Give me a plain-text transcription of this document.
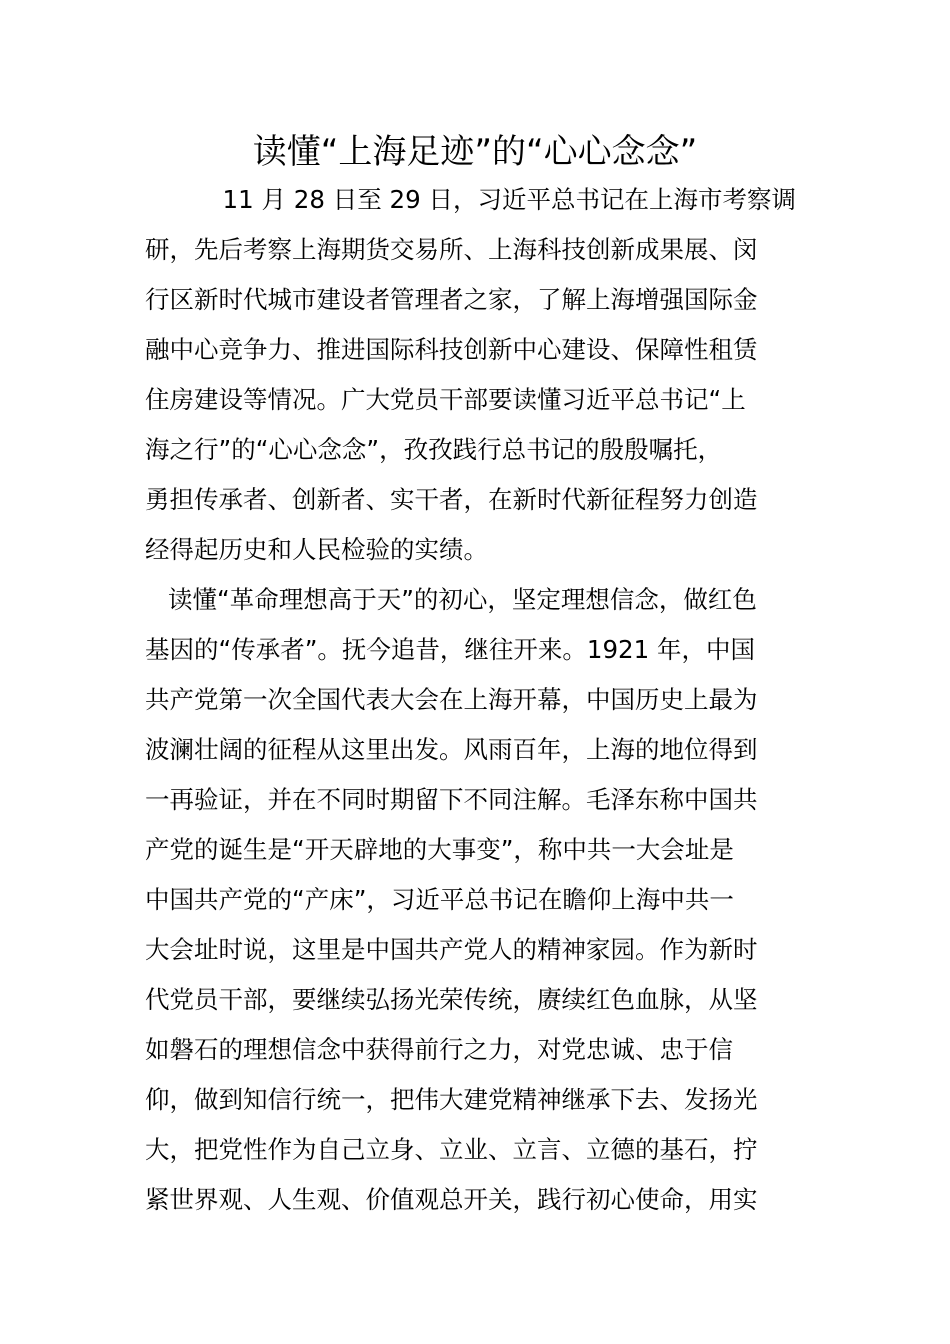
读懂“上海足迹”的“心心念念”
　11 月 28 日至 29 日，习近平总书记在上海市考察调
研，先后考察上海期货交易所、上海科技创新成果展、闵
行区新时代城市建设者管理者之家，了解上海增强国际金
融中心竞争力、推进国际科技创新中心建设、保障性租赁
住房建设等情况。广大党员干部要读懂习近平总书记“上
海之行”的“心心念念”，孜孜践行总书记的殷殷嘱托，
勇担传承者、创新者、实干者，在新时代新征程努力创造
经得起历史和人民检验的实绩。
读懂“革命理想高于天”的初心，坚定理想信念，做红色
基因的“传承者”。抚今追昔，继往开来。1921 年，中国
共产党第一次全国代表大会在上海开幕，中国历史上最为
波澜壮阔的征程从这里出发。风雨百年，上海的地位得到
一再验证，并在不同时期留下不同注解。毛泽东称中国共
产党的诞生是“开天辟地的大事变”，称中共一大会址是
中国共产党的“产床”，习近平总书记在瞻仰上海中共一
大会址时说，这里是中国共产党人的精神家园。作为新时
代党员干部，要继续弘扬光荣传统，赓续红色血脉，从坚
如磐石的理想信念中获得前行之力，对党忠诚、忠于信
仰，做到知信行统一，把伟大建党精神继承下去、发扬光
大，把党性作为自己立身、立业、立言、立德的基石，拧
紧世界观、人生观、价值观总开关，践行初心使命，用实
